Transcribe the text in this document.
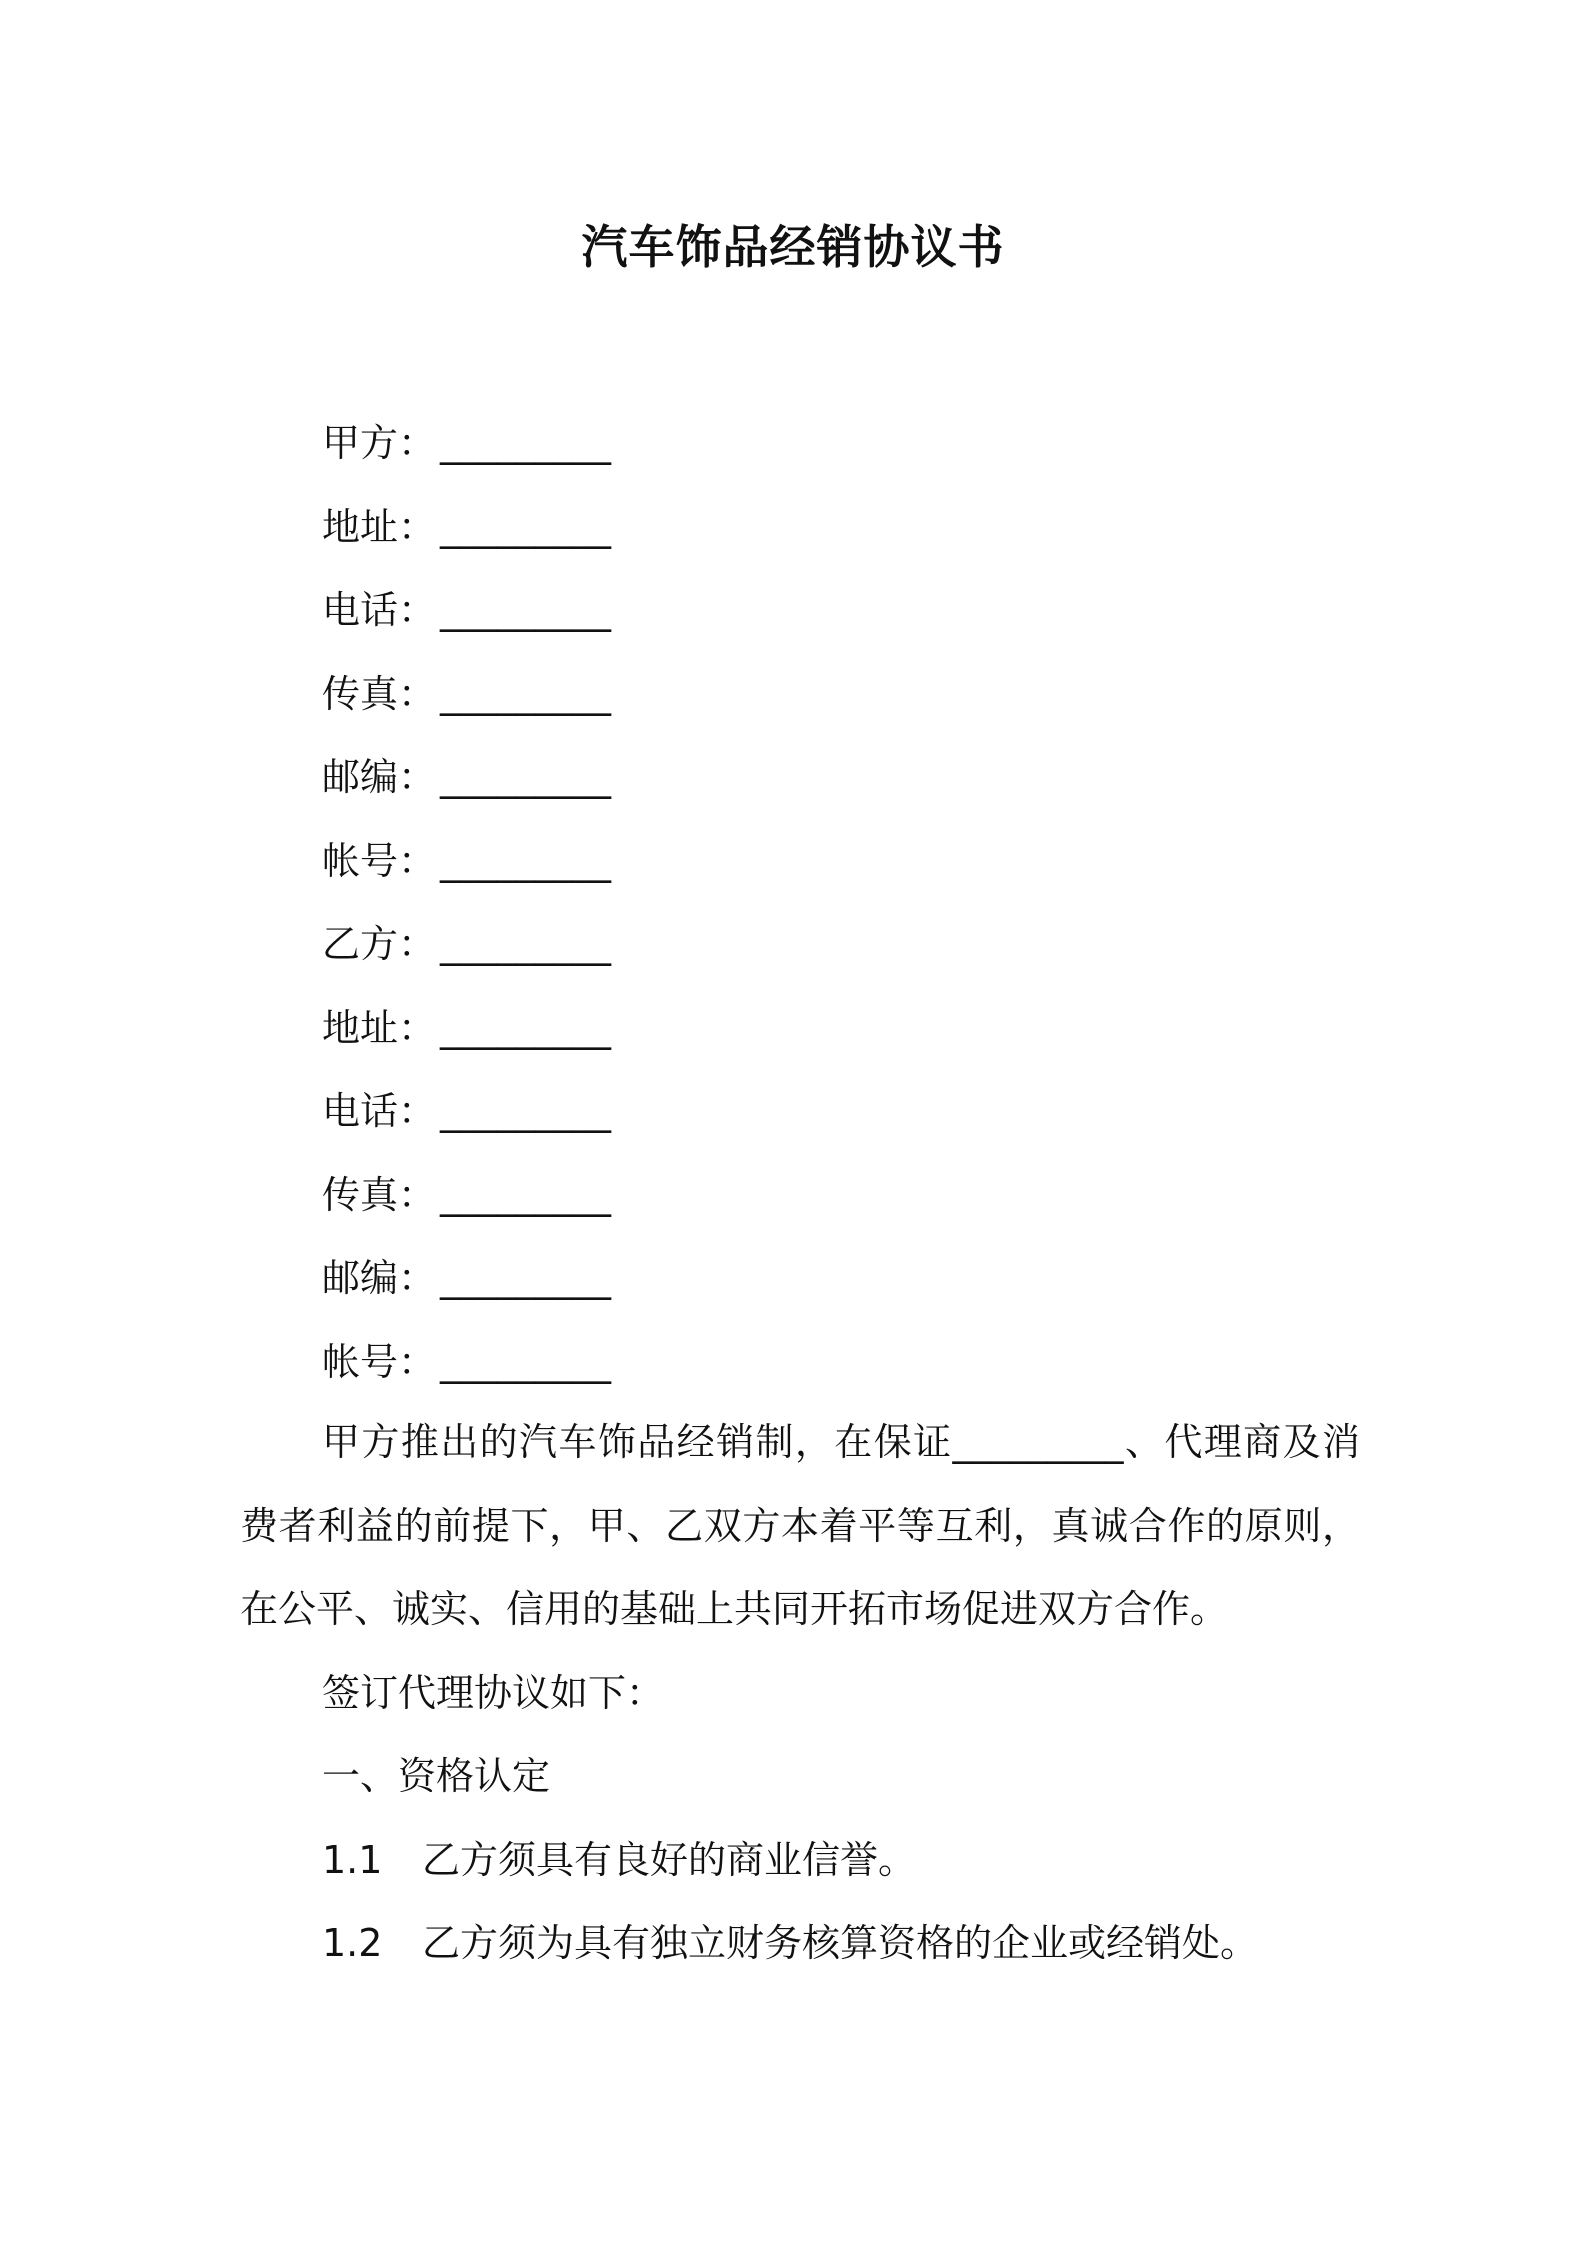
汽车饰品经销协议书
甲方： _________
地址： _________
电话： _________
传真： _________
邮编： _________
帐号： _________
乙方： _________
地址： _________
电话： _________
传真： _________
邮编： _________
帐号： _________

甲方推出的汽车饰品经销制，在保证_________、代理商及消费者利益的前提下，甲、乙双方本着平等互利，真诚合作的原则，在公平、诚实、信用的基础上共同开拓市场促进双方合作。

签订代理协议如下：
一、资格认定
1.1 乙方须具有良好的商业信誉。
1.2 乙方须为具有独立财务核算资格的企业或经销处。
